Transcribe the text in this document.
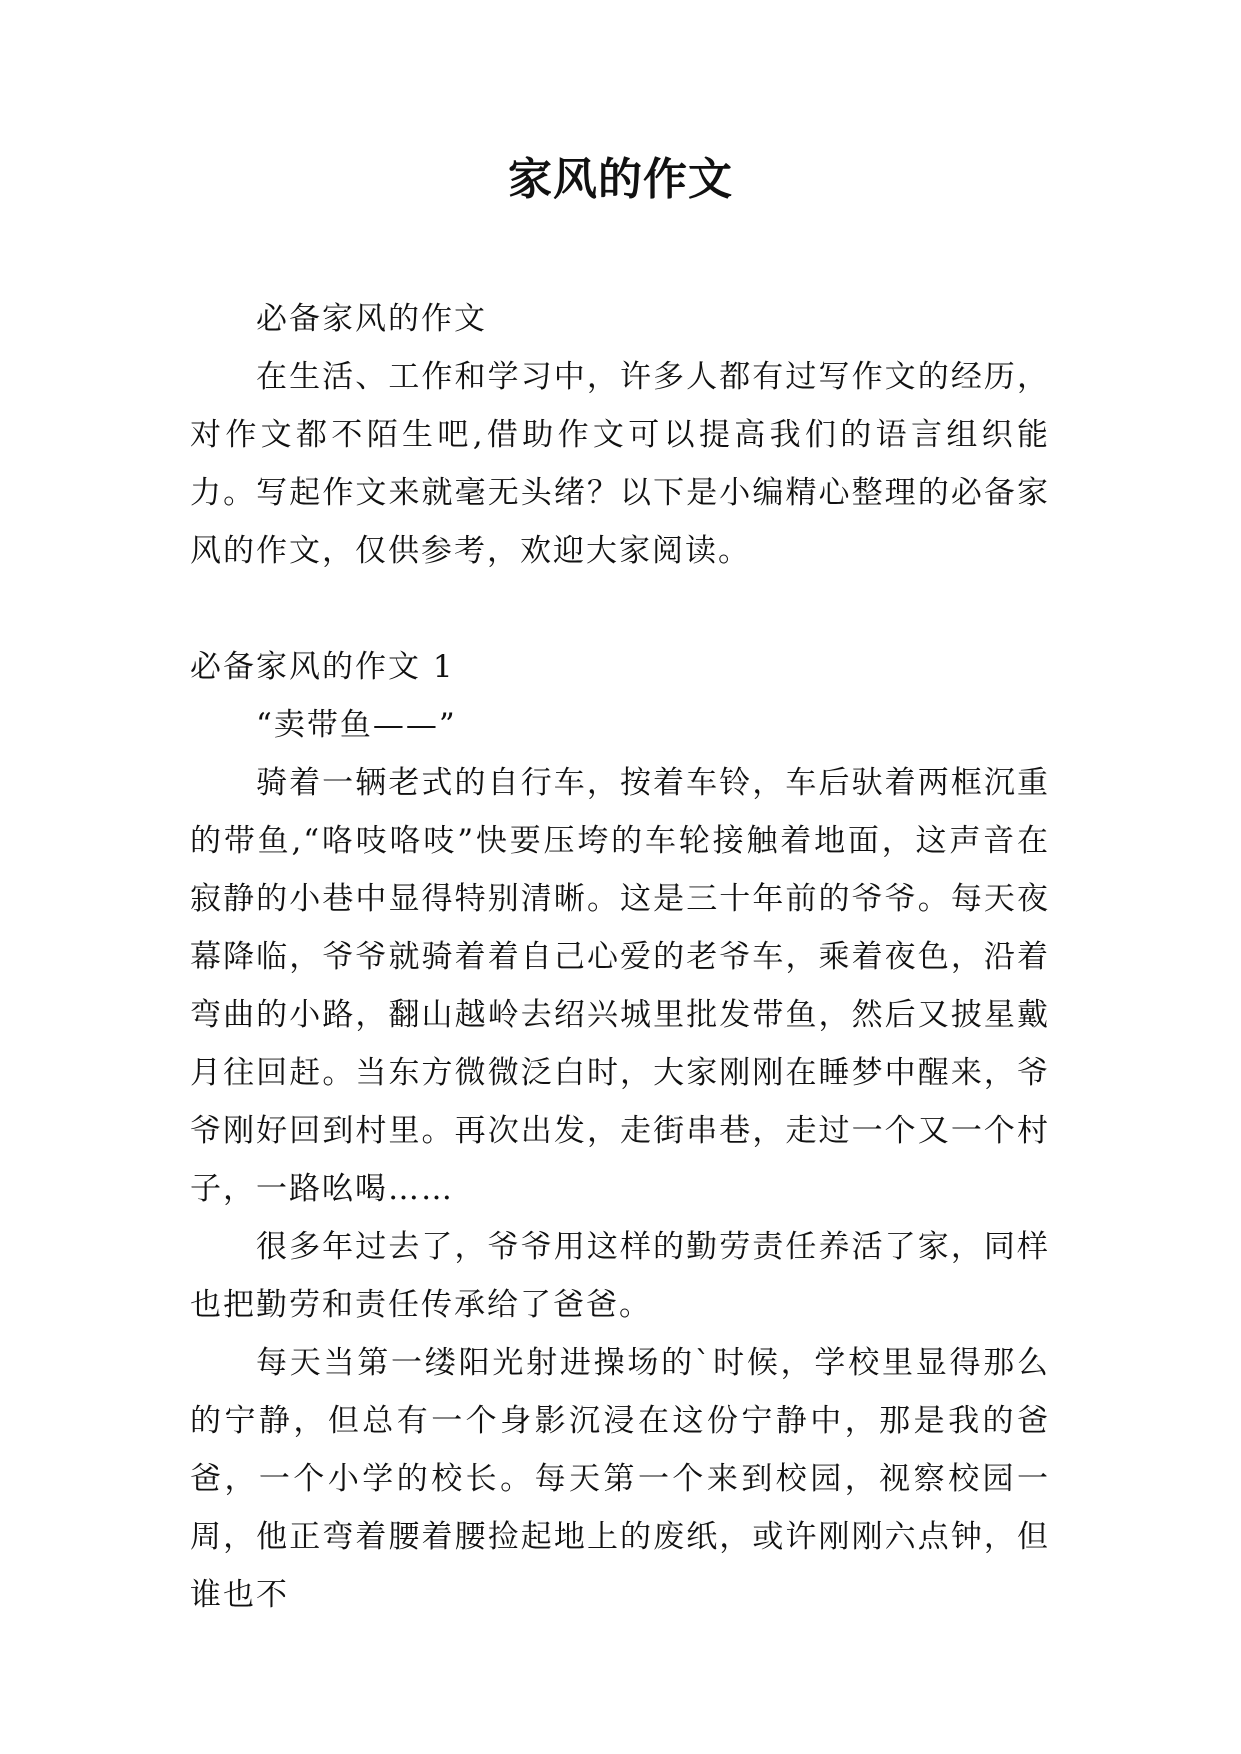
家风的作文

必备家风的作文

在生活、工作和学习中，许多人都有过写作文的经历，对作文都不陌生吧,借助作文可以提高我们的语言组织能力。写起作文来就毫无头绪？以下是小编精心整理的必备家风的作文，仅供参考，欢迎大家阅读。

必备家风的作文 1

“卖带鱼——”

骑着一辆老式的自行车，按着车铃，车后驮着两框沉重的带鱼,“咯吱咯吱”快要压垮的车轮接触着地面，这声音在寂静的小巷中显得特别清晰。这是三十年前的爷爷。每天夜幕降临，爷爷就骑着着自己心爱的老爷车，乘着夜色，沿着弯曲的小路，翻山越岭去绍兴城里批发带鱼，然后又披星戴月往回赶。当东方微微泛白时，大家刚刚在睡梦中醒来，爷爷刚好回到村里。再次出发，走街串巷，走过一个又一个村子，一路吆喝……

很多年过去了，爷爷用这样的勤劳责任养活了家，同样也把勤劳和责任传承给了爸爸。

每天当第一缕阳光射进操场的`时候，学校里显得那么的宁静，但总有一个身影沉浸在这份宁静中，那是我的爸爸，一个小学的校长。每天第一个来到校园，视察校园一周，他正弯着腰着腰捡起地上的废纸，或许刚刚六点钟，但谁也不
